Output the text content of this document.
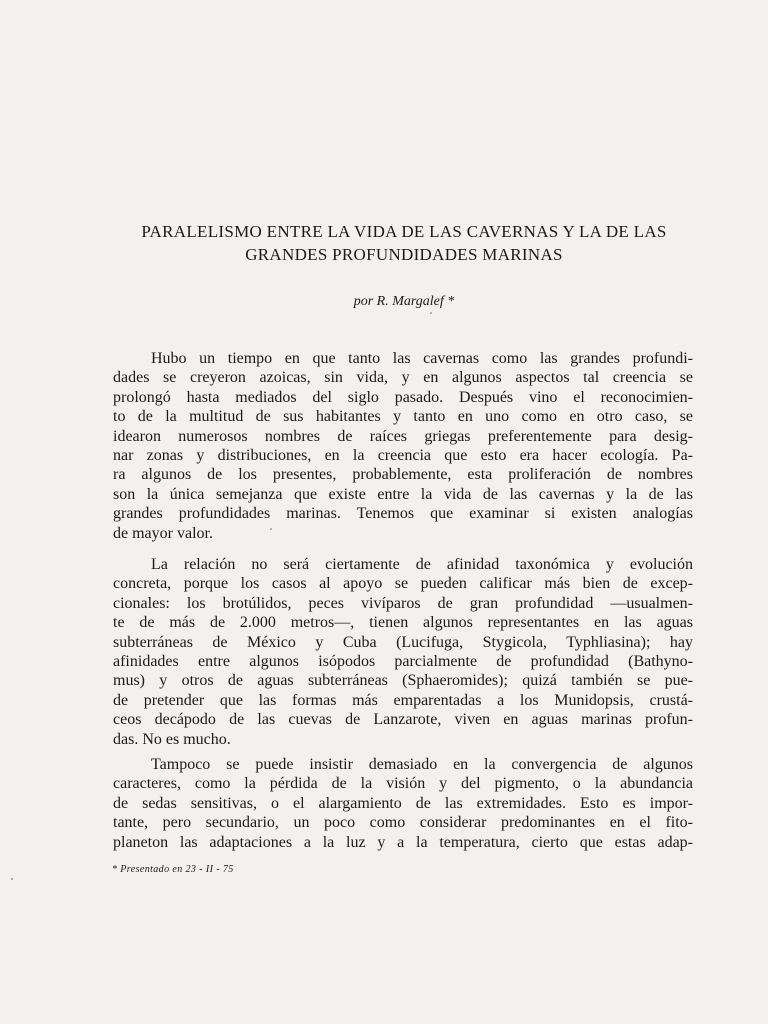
PARALELISMO ENTRE LA VIDA DE LAS CAVERNAS Y LA DE LAS
GRANDES PROFUNDIDADES MARINAS
por R. Margalef *
Hubo un tiempo en que tanto las cavernas como las grandes profundi-
dades se creyeron azoicas, sin vida, y en algunos aspectos tal creencia se
prolongó hasta mediados del siglo pasado. Después vino el reconocimien-
to de la multitud de sus habitantes y tanto en uno como en otro caso, se
idearon numerosos nombres de raíces griegas preferentemente para desig-
nar zonas y distribuciones, en la creencia que esto era hacer ecología. Pa-
ra algunos de los presentes, probablemente, esta proliferación de nombres
son la única semejanza que existe entre la vida de las cavernas y la de las
grandes profundidades marinas. Tenemos que examinar si existen analogías
de mayor valor.
La relación no será ciertamente de afinidad taxonómica y evolución
concreta, porque los casos al apoyo se pueden calificar más bien de excep-
cionales: los brotúlidos, peces vivíparos de gran profundidad —usualmen-
te de más de 2.000 metros—, tienen algunos representantes en las aguas
subterráneas de México y Cuba (Lucifuga, Stygicola, Typhliasina); hay
afinidades entre algunos isópodos parcialmente de profundidad (Bathyno-
mus) y otros de aguas subterráneas (Sphaeromides); quizá también se pue-
de pretender que las formas más emparentadas a los Munidopsis, crustá-
ceos decápodo de las cuevas de Lanzarote, viven en aguas marinas profun-
das. No es mucho.
Tampoco se puede insistir demasiado en la convergencia de algunos
caracteres, como la pérdida de la visión y del pigmento, o la abundancia
de sedas sensitivas, o el alargamiento de las extremidades. Esto es impor-
tante, pero secundario, un poco como considerar predominantes en el fito-
planeton las adaptaciones a la luz y a la temperatura, cierto que estas adap-
* Presentado en 23 - II - 75
